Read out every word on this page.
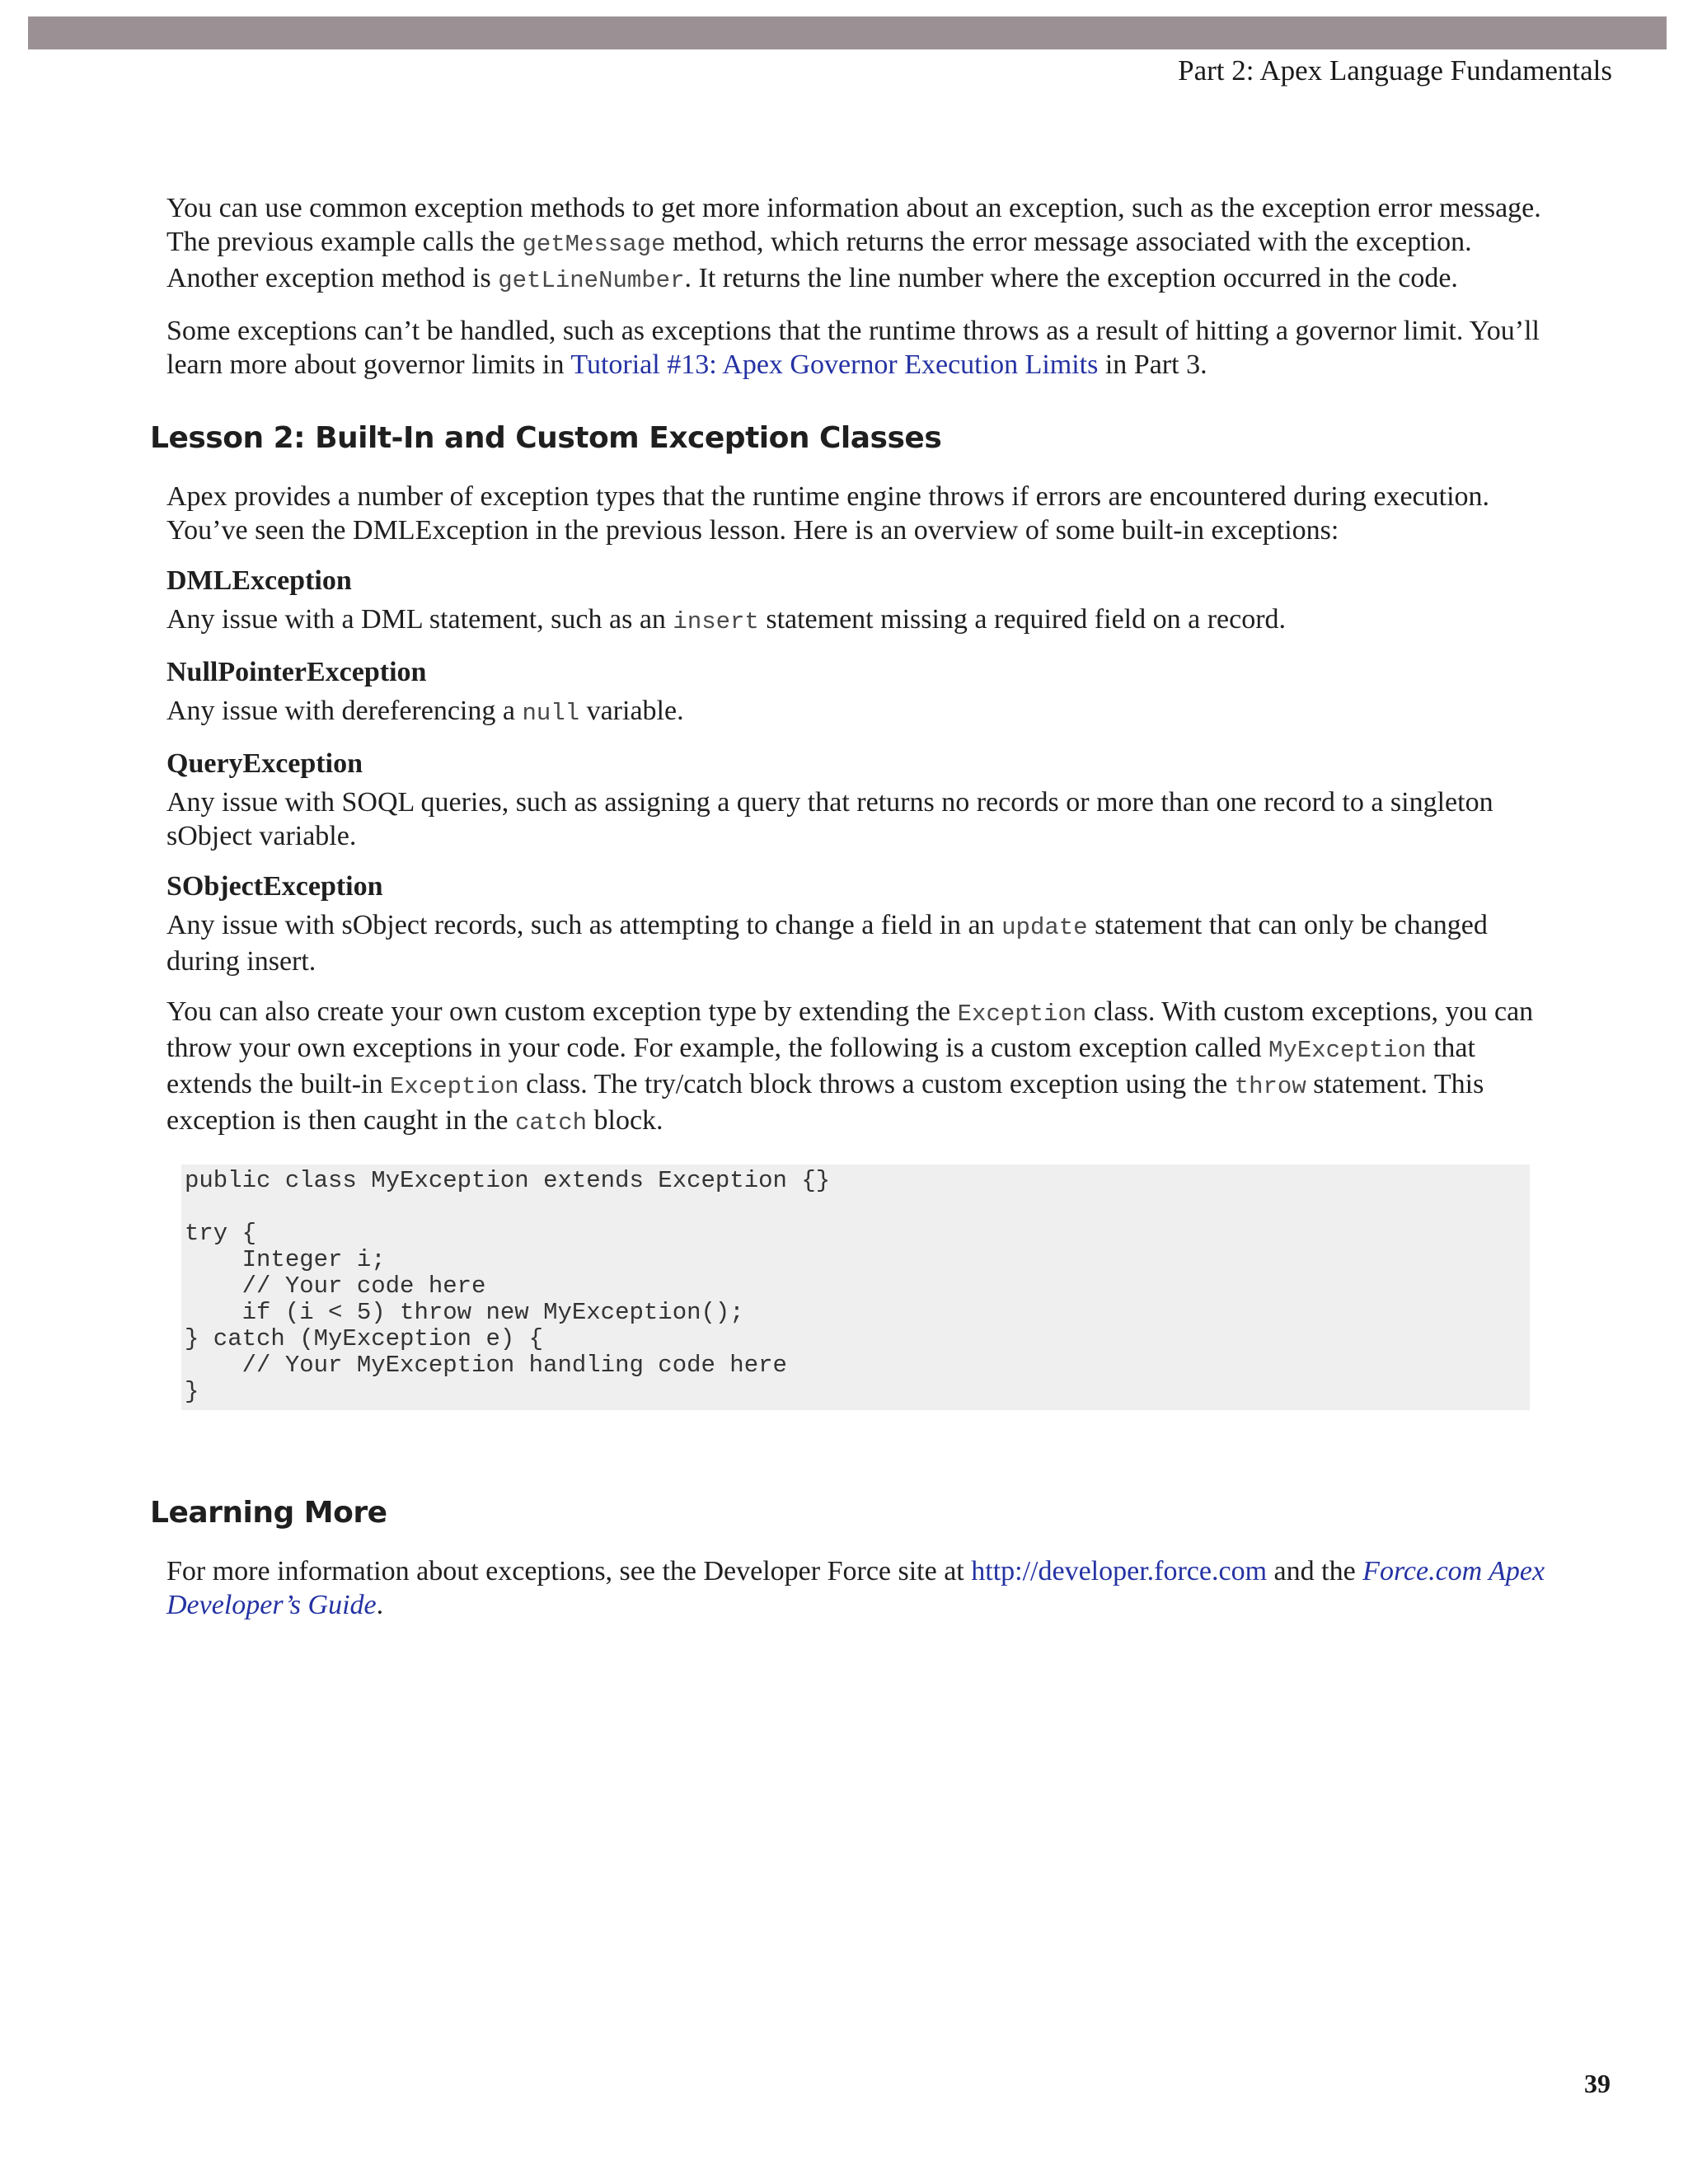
Part 2: Apex Language Fundamentals

You can use common exception methods to get more information about an exception, such as the exception error message. The previous example calls the getMessage method, which returns the error message associated with the exception. Another exception method is getLineNumber. It returns the line number where the exception occurred in the code.

Some exceptions can’t be handled, such as exceptions that the runtime throws as a result of hitting a governor limit. You’ll learn more about governor limits in Tutorial #13: Apex Governor Execution Limits in Part 3.

Lesson 2: Built-In and Custom Exception Classes

Apex provides a number of exception types that the runtime engine throws if errors are encountered during execution. You’ve seen the DMLException in the previous lesson. Here is an overview of some built-in exceptions:

DMLException

Any issue with a DML statement, such as an insert statement missing a required field on a record.

NullPointerException

Any issue with dereferencing a null variable.

QueryException

Any issue with SOQL queries, such as assigning a query that returns no records or more than one record to a singleton sObject variable.

SObjectException

Any issue with sObject records, such as attempting to change a field in an update statement that can only be changed during insert.

You can also create your own custom exception type by extending the Exception class. With custom exceptions, you can throw your own exceptions in your code. For example, the following is a custom exception called MyException that extends the built-in Exception class. The try/catch block throws a custom exception using the throw statement. This exception is then caught in the catch block.

public class MyException extends Exception {}

try {
Integer i;
// Your code here
if (i < 5) throw new MyException();
} catch (MyException e) {
// Your MyException handling code here
}
Learning More

For more information about exceptions, see the Developer Force site at http://developer.force.com and the Force.com Apex Developer’s Guide.

39
